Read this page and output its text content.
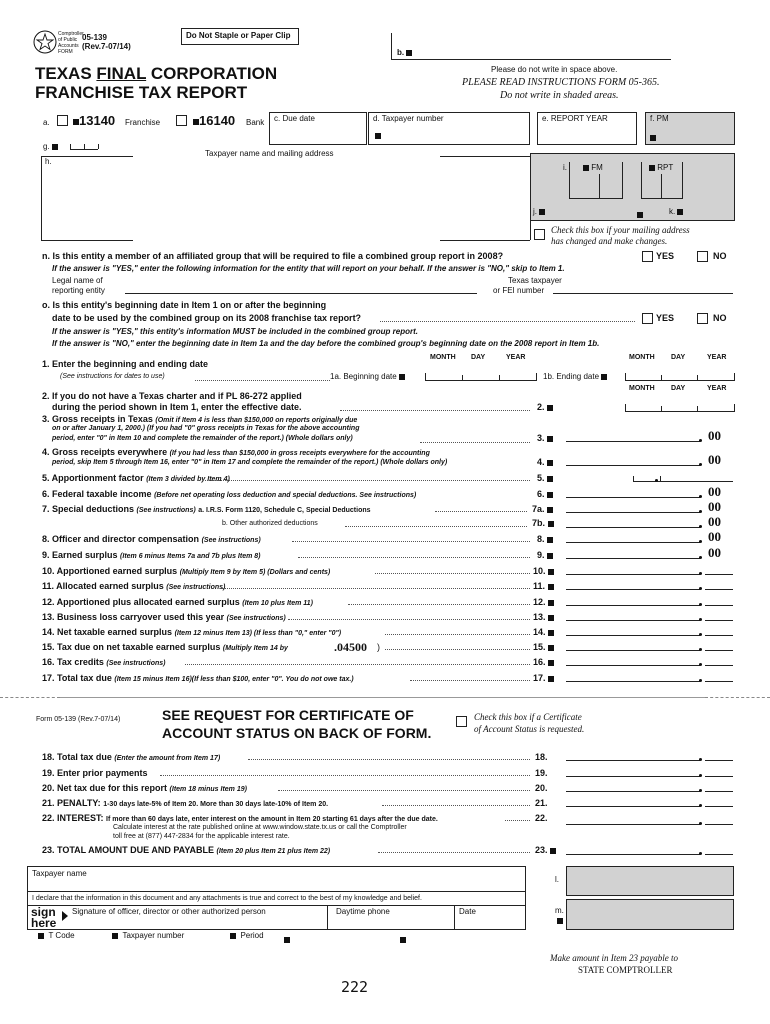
Comptroller of Public Accounts FORM
05-139
(Rev.7-07/14)
Do Not Staple or Paper Clip
b.
Please do not write in space above.
PLEASE READ INSTRUCTIONS FORM 05-365.
Do not write in shaded areas.
TEXAS FINAL CORPORATION
FRANCHISE TAX REPORT
a.	13140 Franchise	16140 Bank c. Due date	d. Taxpayer number	e. REPORT YEAR	f. PM
g.
Taxpayer name and mailing address
h.
i.	FM	RPT
j.	k.
Check this box if your mailing address
has changed and make changes.
n. Is this entity a member of an affiliated group that will be required to file a combined group report in 2008?	YES	NO
If the answer is "YES," enter the following information for the entity that will report on your behalf. If the answer is "NO," skip to Item 1.
Legal name of
reporting entity
Texas taxpayer
or FEI number
o. Is this entity's beginning date in Item 1 on or after the beginning
date to be used by the combined group on its 2008 franchise tax report?	YES	NO
If the answer is "YES," this entity's information MUST be included in the combined group report.
If the answer is "NO," enter the beginning date in Item 1a and the day before the combined group's beginning date on the 2008 report in Item 1b.
MONTH DAY	YEAR	MONTH DAY	YEAR
1. Enter the beginning and ending date
(See instructions for dates to use)	1a. Beginning date	1b. Ending date
MONTH DAY	YEAR
2. If you do not have a Texas charter and if PL 86-272 applied
during the period shown in Item 1, enter the effective date.	2.
3. Gross receipts in Texas (Omit if Item 4 is less than $150,000 on reports originally due
on or after January 1, 2000.) (If you had "0" gross receipts in Texas for the above accounting
period, enter "0" in Item 10 and complete the remainder of the report.) (Whole dollars only)	3.	00
4. Gross receipts everywhere (If you had less than $150,000 in gross receipts everywhere for the accounting
period, skip Item 5 through Item 16, enter "0" in Item 17 and complete the remainder of the report.) (Whole dollars only)	4.	00
5. Apportionment factor (Item 3 divided by Item 4)	5.
6. Federal taxable income (Before net operating loss deduction and special deductions. See instructions)	6.	00
7. Special deductions (See instructions) a. I.R.S. Form 1120, Schedule C, Special Deductions	7a.	00
b. Other authorized deductions	7b.	00
8. Officer and director compensation (See instructions)	8.	00
9. Earned surplus (Item 6 minus Items 7a and 7b plus Item 8)	9.	00
10. Apportioned earned surplus (Multiply Item 9 by Item 5) (Dollars and cents)	10.
11. Allocated earned surplus (See instructions)	11.
12. Apportioned plus allocated earned surplus (Item 10 plus Item 11)	12.
13. Business loss carryover used this year (See instructions)	13.
14. Net taxable earned surplus (Item 12 minus Item 13) (If less than "0," enter "0")	14.
15. Tax due on net taxable earned surplus (Multiply Item 14 by	.04500 )	15.
16. Tax credits (See instructions)	16.
17. Total tax due (Item 15 minus Item 16)(If less than $100, enter "0". You do not owe tax.)	17.
Form 05-139 (Rev.7-07/14)	SEE REQUEST FOR CERTIFICATE OF
ACCOUNT STATUS ON BACK OF FORM.
Check this box if a Certificate
of Account Status is requested.
18. Total tax due (Enter the amount from Item 17)	18.
19. Enter prior payments	19.
20. Net tax due for this report (Item 18 minus Item 19)	20.
21. PENALTY: 1-30 days late-5% of Item 20. More than 30 days late-10% of Item 20.	21.
22. INTEREST: If more than 60 days late, enter interest on the amount in Item 20 starting 61 days after the due date.	22.
Calculate interest at the rate published online at www.window.state.tx.us or call the Comptroller
toll free at (877) 447-2834 for the applicable interest rate.
23. TOTAL AMOUNT DUE AND PAYABLE (Item 20 plus Item 21 plus Item 22)	23.
Taxpayer name
I declare that the information in this document and any attachments is true and correct to the best of my knowledge and belief.
sign
here
Signature of officer, director or other authorized person	Daytime phone	Date
l.
m.
T Code	Taxpayer number	Period
Make amount in Item 23 payable to
STATE COMPTROLLER
222
